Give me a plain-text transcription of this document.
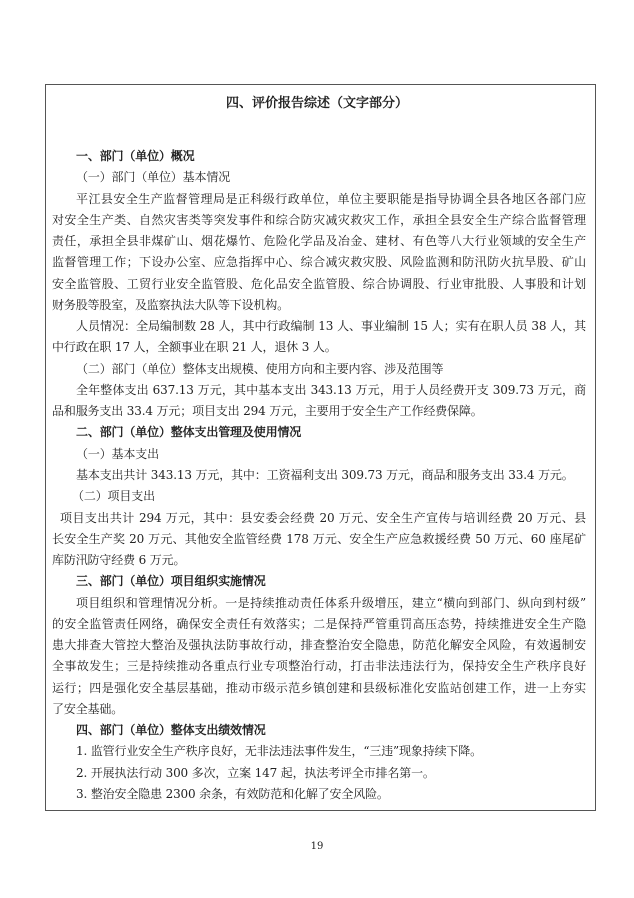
四、评价报告综述（文字部分）
一、部门（单位）概况
（一）部门（单位）基本情况
平江县安全生产监督管理局是正科级行政单位，单位主要职能是指导协调全县各地区各部门应
对安全生产类、自然灾害类等突发事件和综合防灾减灾救灾工作，承担全县安全生产综合监督管理
责任，承担全县非煤矿山、烟花爆竹、危险化学品及冶金、建材、有色等八大行业领域的安全生产
监督管理工作；下设办公室、应急指挥中心、综合减灾救灾股、风险监测和防汛防火抗旱股、矿山
安全监管股、工贸行业安全监管股、危化品安全监管股、综合协调股、行业审批股、人事股和计划
财务股等股室，及监察执法大队等下设机构。
人员情况：全局编制数 28 人，其中行政编制 13 人、事业编制 15 人；实有在职人员 38 人，其
中行政在职 17 人，全额事业在职 21 人，退休 3 人。
（二）部门（单位）整体支出规模、使用方向和主要内容、涉及范围等
全年整体支出 637.13 万元，其中基本支出 343.13 万元，用于人员经费开支 309.73 万元，商
品和服务支出 33.4 万元；项目支出 294 万元，主要用于安全生产工作经费保障。
二、部门（单位）整体支出管理及使用情况
（一）基本支出
基本支出共计 343.13 万元，其中：工资福利支出 309.73 万元，商品和服务支出 33.4 万元。
（二）项目支出
项目支出共计 294 万元，其中：县安委会经费 20 万元、安全生产宣传与培训经费 20 万元、县
长安全生产奖 20 万元、其他安全监管经费 178 万元、安全生产应急救援经费 50 万元、60 座尾矿
库防汛防守经费 6 万元。
三、部门（单位）项目组织实施情况
项目组织和管理情况分析。一是持续推动责任体系升级增压，建立“横向到部门、纵向到村级”
的安全监管责任网络，确保安全责任有效落实；二是保持严管重罚高压态势，持续推进安全生产隐
患大排查大管控大整治及强执法防事故行动，排查整治安全隐患，防范化解安全风险，有效遏制安
全事故发生；三是持续推动各重点行业专项整治行动，打击非法违法行为，保持安全生产秩序良好
运行；四是强化安全基层基础，推动市级示范乡镇创建和县级标准化安监站创建工作，进一上夯实
了安全基础。
四、部门（单位）整体支出绩效情况
1. 监管行业安全生产秩序良好，无非法违法事件发生，“三违”现象持续下降。
2. 开展执法行动 300 多次，立案 147 起，执法考评全市排名第一。
3. 整治安全隐患 2300 余条，有效防范和化解了安全风险。
19
